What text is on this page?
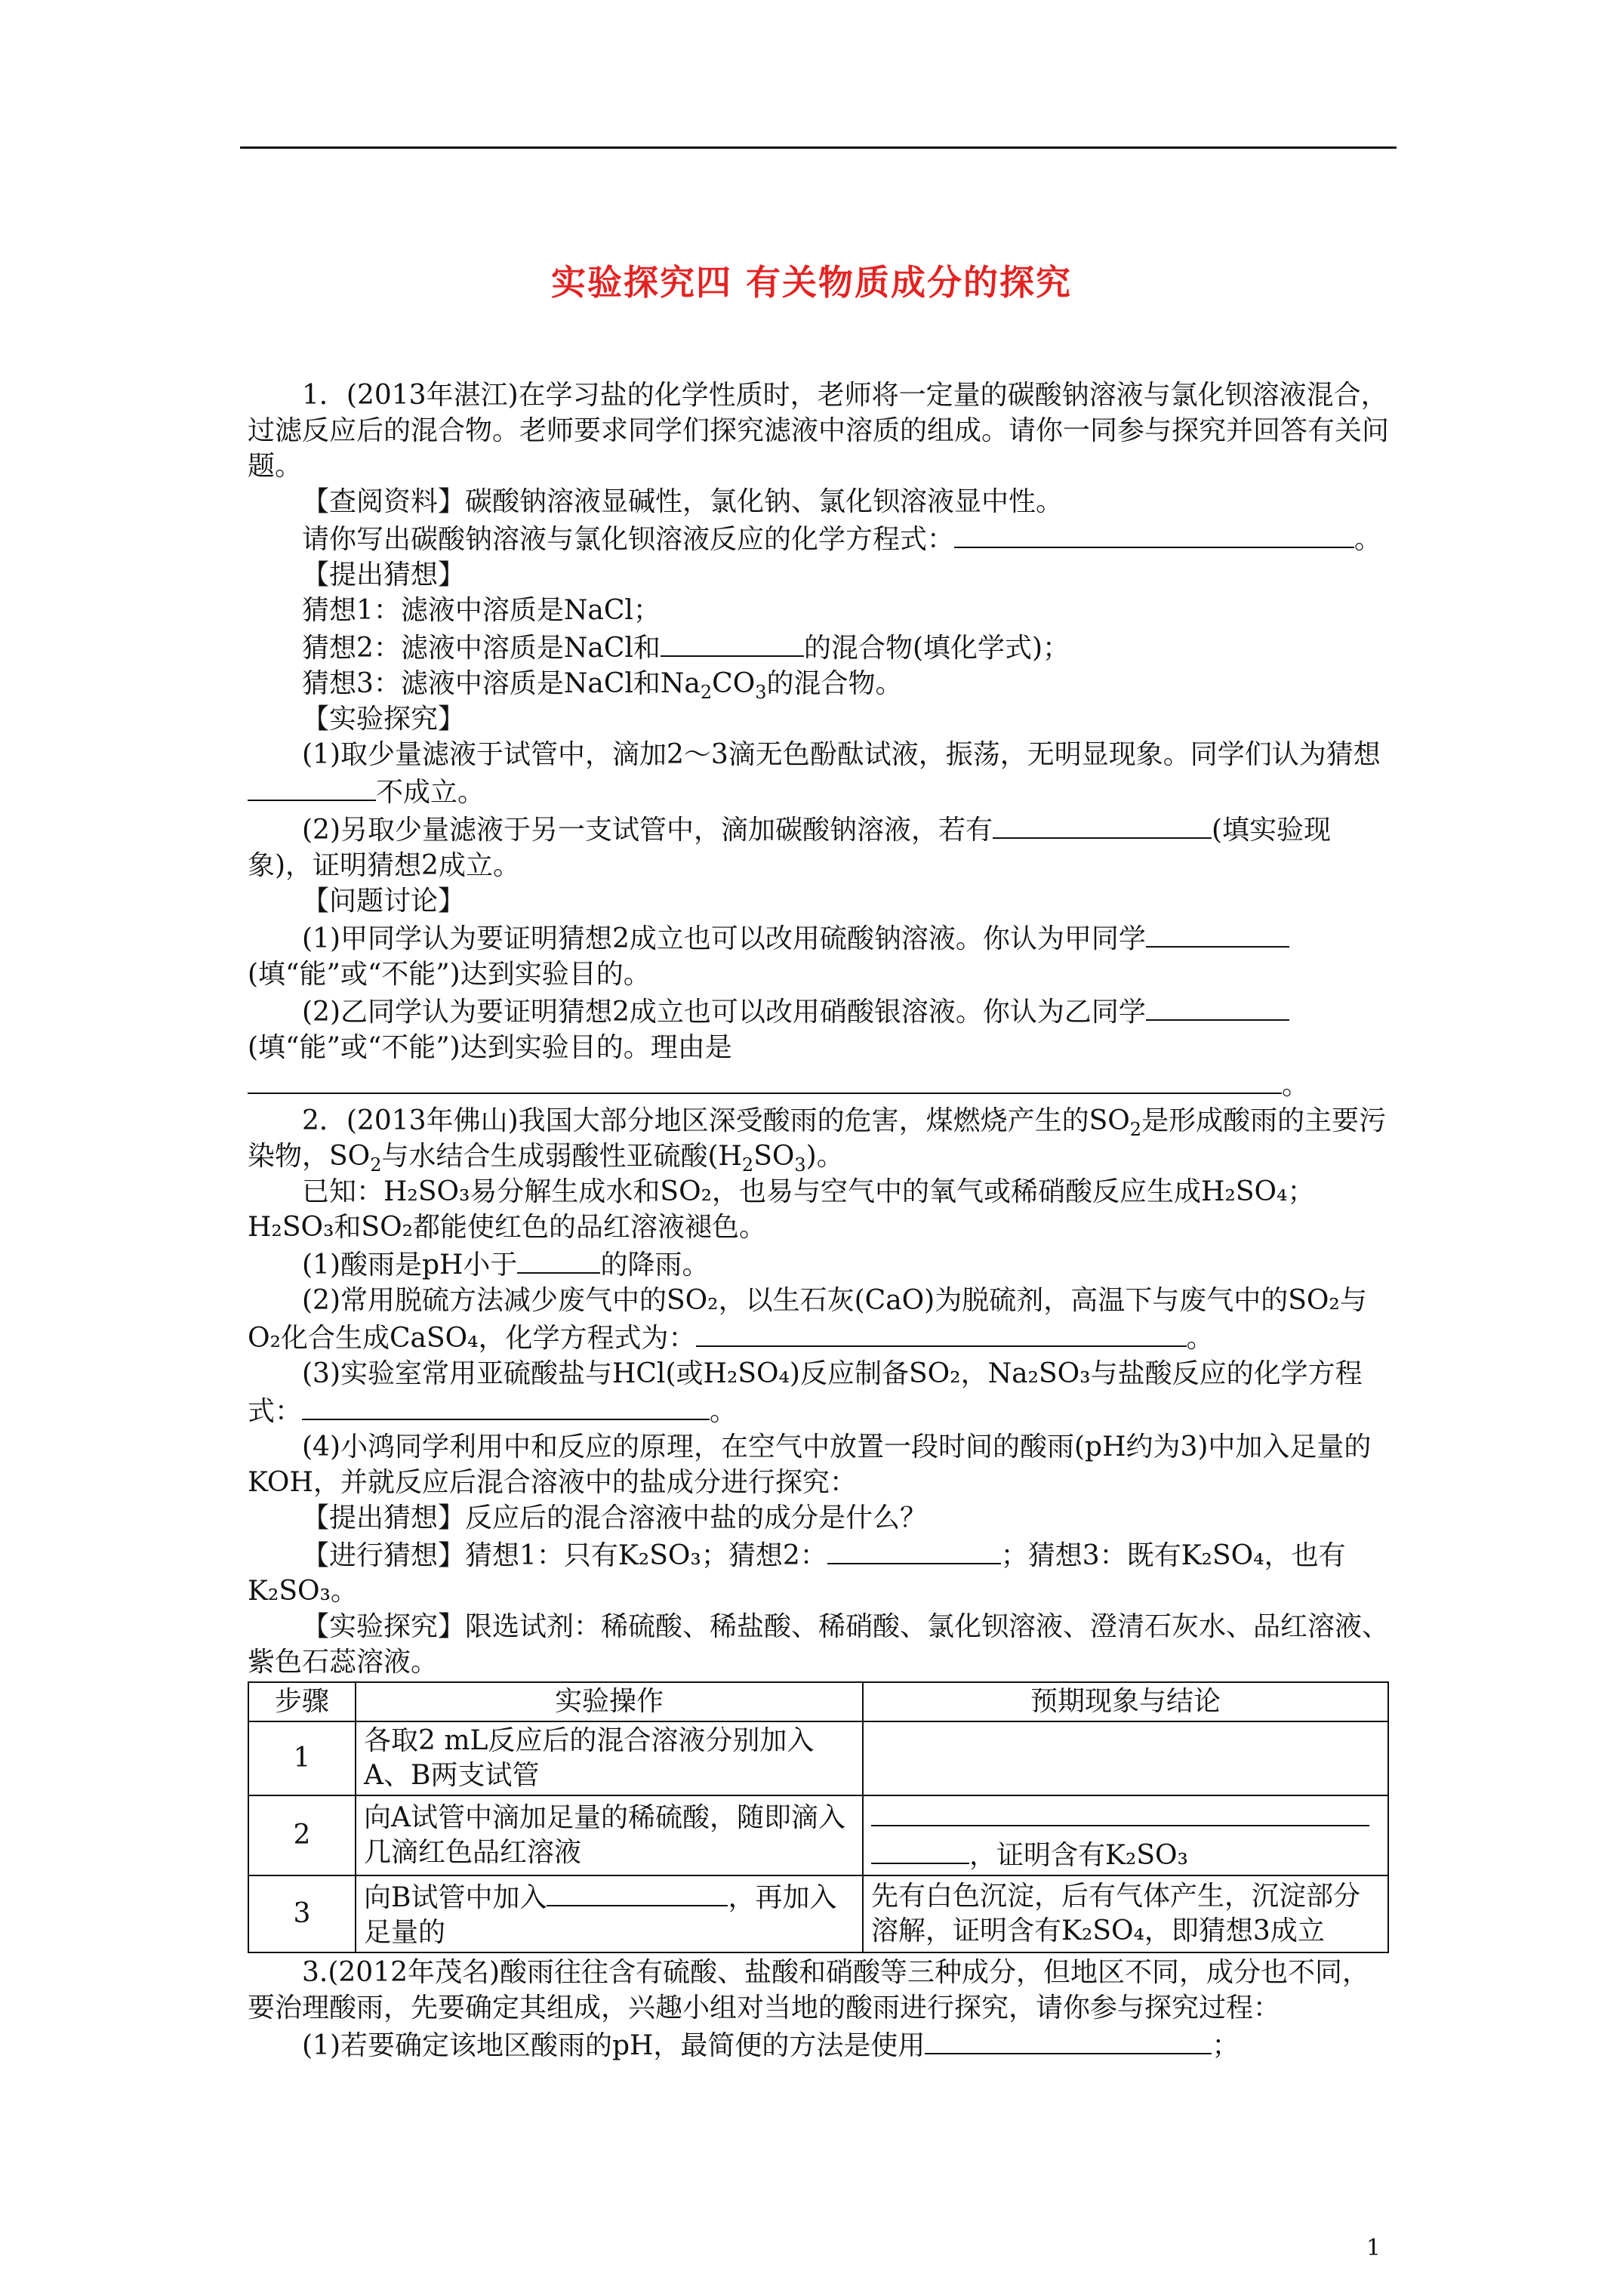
实验探究四 有关物质成分的探究

1．(2013年湛江)在学习盐的化学性质时，老师将一定量的碳酸钠溶液与氯化钡溶液混合，过滤反应后的混合物。老师要求同学们探究滤液中溶质的组成。请你一同参与探究并回答有关问题。

【查阅资料】碳酸钠溶液显碱性，氯化钠、氯化钡溶液显中性。

请你写出碳酸钠溶液与氯化钡溶液反应的化学方程式：	。

【提出猜想】

猜想1：滤液中溶质是NaCl；

猜想2：滤液中溶质是NaCl和	的混合物(填化学式)；

猜想3：滤液中溶质是NaCl和$Na_2CO_3$的混合物。

【实验探究】

(1)取少量滤液于试管中，滴加2～3滴无色酚酞试液，振荡，无明显现象。同学们认为猜想不成立。

(2)另取少量滤液于另一支试管中，滴加碳酸钠溶液，若有	(填实验现象)，证明猜想2成立。

【问题讨论】

(1)甲同学认为要证明猜想2成立也可以改用硫酸钠溶液。你认为甲同学(填“能”或“不能”)达到实验目的。

(2)乙同学认为要证明猜想2成立也可以改用硝酸银溶液。你认为乙同学(填“能”或“不能”)达到实验目的。理由是

。

2．(2013年佛山)我国大部分地区深受酸雨的危害，煤燃烧产生的$SO_2$是形成酸雨的主要污染物，$SO_2$与水结合生成弱酸性亚硫酸$(H_2SO_3)$。

已知：H₂SO₃易分解生成水和SO₂，也易与空气中的氧气或稀硝酸反应生成H₂SO₄；H₂SO₃和SO₂都能使红色的品红溶液褪色。

(1)酸雨是pH小于	的降雨。

(2)常用脱硫方法减少废气中的SO₂，以生石灰(CaO)为脱硫剂，高温下与废气中的SO₂与O₂化合生成CaSO₄，化学方程式为：	。

(3)实验室常用亚硫酸盐与HCl(或H₂SO₄)反应制备SO₂，Na₂SO₃与盐酸反应的化学方程式：	。

(4)小鸿同学利用中和反应的原理，在空气中放置一段时间的酸雨(pH约为3)中加入足量的KOH，并就反应后混合溶液中的盐成分进行探究：

【提出猜想】反应后的混合溶液中盐的成分是什么？

【进行猜想】猜想1：只有K₂SO₃；猜想2：	；猜想3：既有K₂SO₄，也有K₂SO₃。

【实验探究】限选试剂：稀硫酸、稀盐酸、稀硝酸、氯化钡溶液、澄清石灰水、品红溶液、紫色石蕊溶液。

步骤	实验操作	预期现象与结论
1	各取2 mL反应后的混合溶液分别加入A、B两支试管	
2	向A试管中滴加足量的稀硫酸，随即滴入几滴红色品红溶液	，证明含有K₂SO₃
3	向B试管中加入 ，再加入足量的	先有白色沉淀，后有气体产生，沉淀部分溶解，证明含有K₂SO₄，即猜想3成立

3.(2012年茂名)酸雨往往含有硫酸、盐酸和硝酸等三种成分，但地区不同，成分也不同，要治理酸雨，先要确定其组成，兴趣小组对当地的酸雨进行探究，请你参与探究过程：

(1)若要确定该地区酸雨的pH，最简便的方法是使用	；

1
